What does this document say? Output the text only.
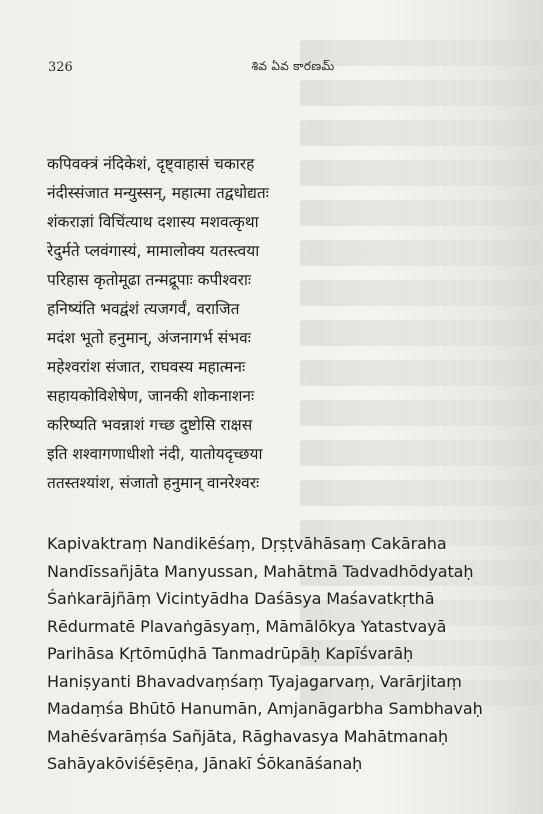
326	శివ ఏవ కారణమ్
कपिवक्त्रं नंदिकेशं, दृष्ट्वाहासं चकारह
नंदीस्संजात मन्युस्सन्, महात्मा तद्वधोद्यतः
शंकराज्ञां विचिंत्याथ दशास्य मशवत्कृथा
रेदुर्मते प्लवंगास्यं, मामालोक्य यतस्त्वया
परिहास कृतोमूढा तन्मद्रूपाः कपीश्वराः
हनिष्यंति भवद्वंशं त्यजगर्वं, वराजित
मदंश भूतो हनुमान्, अंजनागर्भ संभवः
महेश्वरांश संजात, राघवस्य महात्मनः
सहायकोविशेषेण, जानकी शोकनाशनः
करिष्यति भवन्नाशं गच्छ दुष्टोसि राक्षस
इति शश्वागणाधीशो नंदी, यातोयदृच्छया
ततस्तश्यांश, संजातो हनुमान् वानरेश्वरः
Kapivaktraṃ Nandikēśaṃ, Dṛṣṭvāhāsaṃ Cakāraha
Nandīssañjāta Manyussan, Mahātmā Tadvadhōdyataḥ
Śaṅkarājñāṃ Vicintyādha Daśāsya Maśavatkṛthā
Rēdurmatē Plavaṅgāsyaṃ, Māmālōkya Yatastvayā
Parihāsa Kṛtōmūḍhā Tanmadrūpāḥ Kapīśvarāḥ
Haniṣyanti Bhavadvaṃśaṃ Tyajagarvaṃ, Varārjitaṃ
Madaṃśa Bhūtō Hanumān, Amjanāgarbha Sambhavaḥ
Mahēśvarāṃśa Sañjāta, Rāghavasya Mahātmanaḥ
Sahāyakōviśēṣēṇa, Jānakī Śōkanāśanaḥ
